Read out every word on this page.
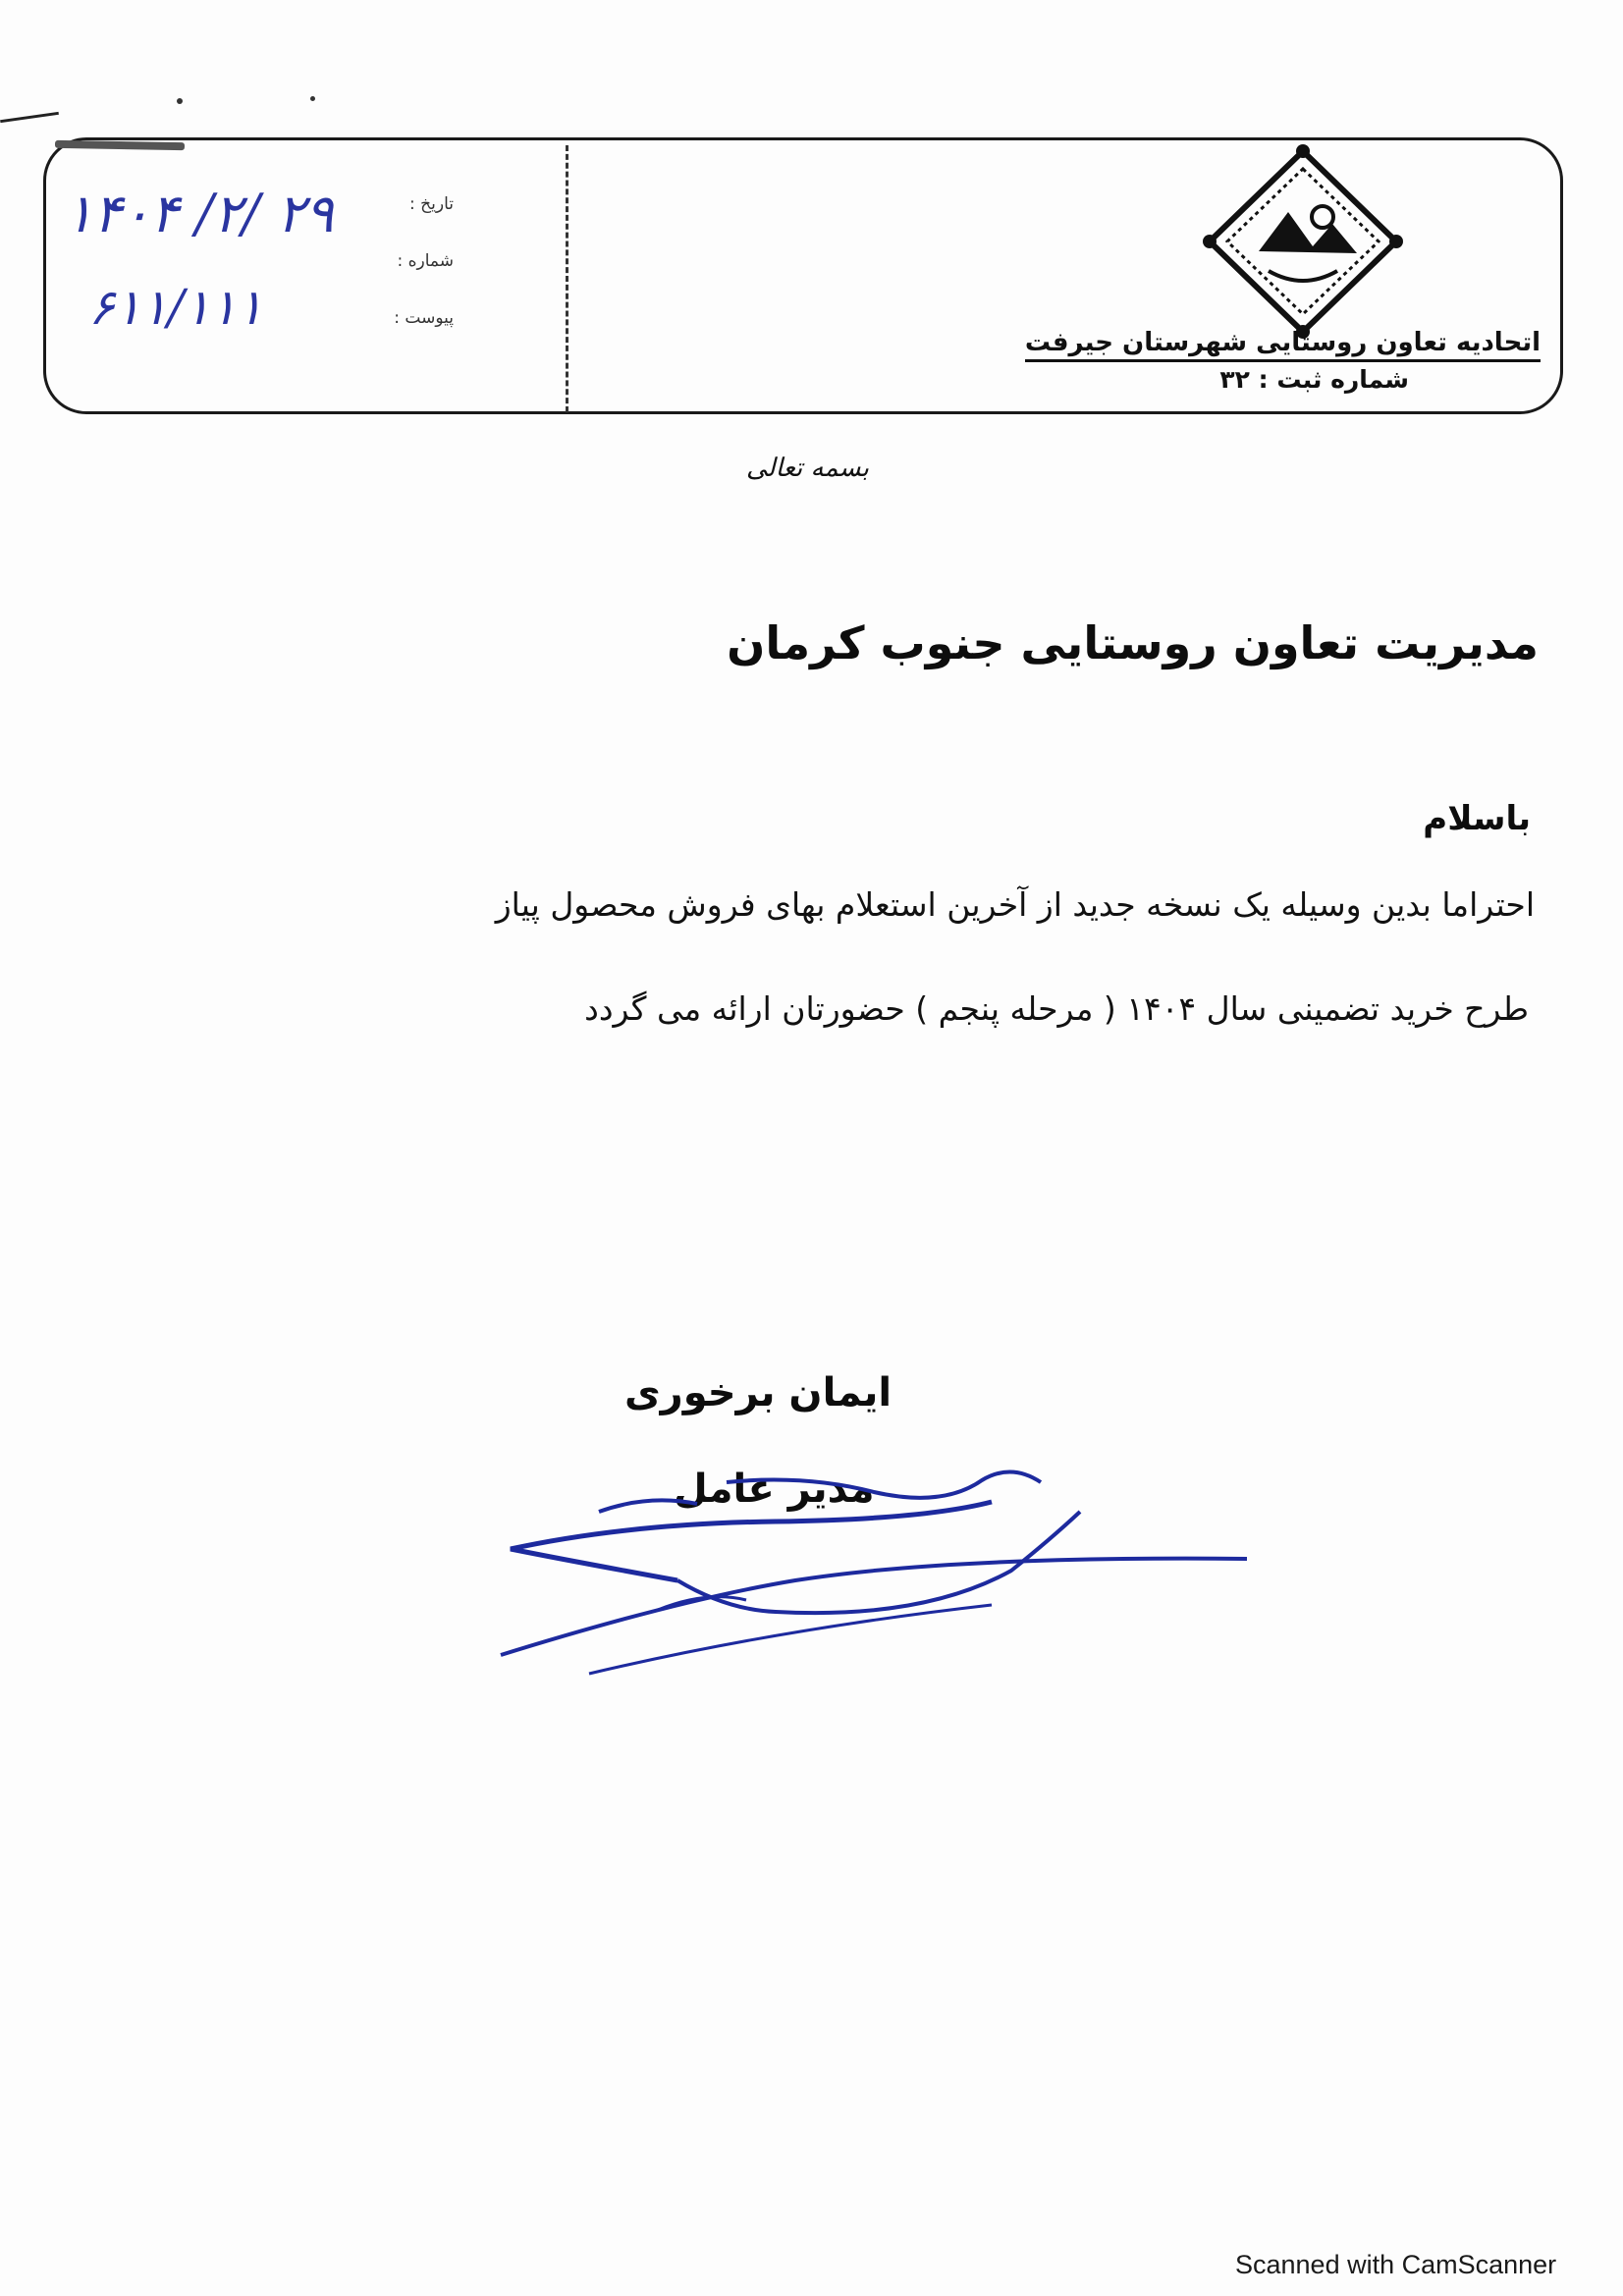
تاریخ :
شماره :
پیوست :
۱۴۰۴ /۲/ ۲۹
۶۱۱/۱۱۱
اتحادیه تعاون روستایی شهرستان جیرفت
شماره ثبت : ۳۲
بسمه تعالی
مدیریت تعاون روستایی جنوب کرمان
باسلام
احتراما بدین وسیله یک نسخه جدید از آخرین استعلام بهای فروش محصول پیاز
طرح خرید تضمینی سال ۱۴۰۴ ( مرحله پنجم ) حضورتان ارائه می گردد
ایمان برخوری
مدیر عامل
Scanned with CamScanner
